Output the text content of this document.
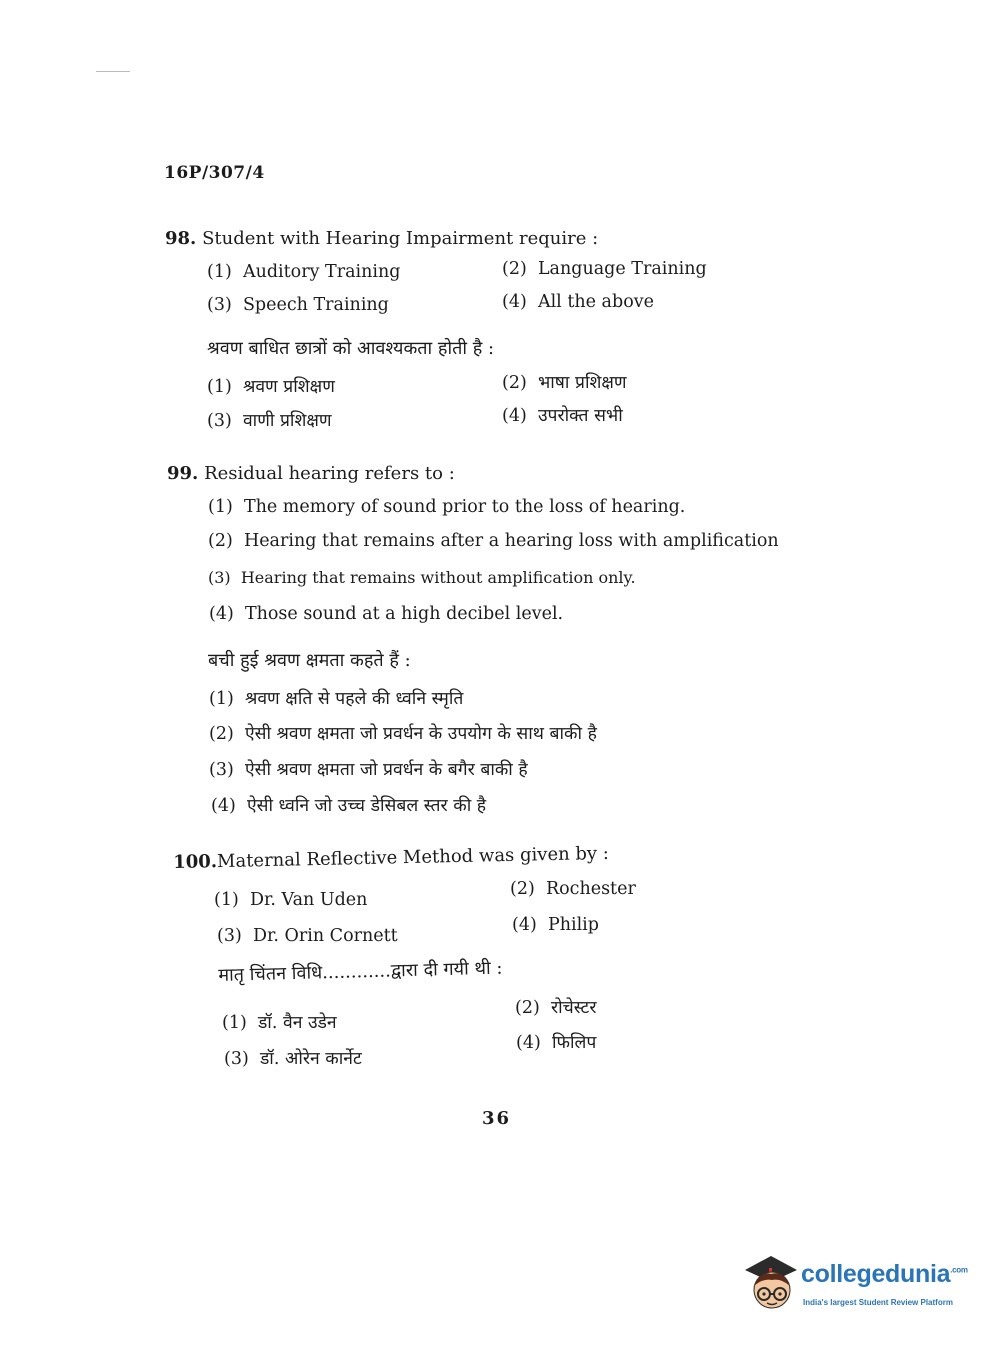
16P/307/4
98. Student with Hearing Impairment require :
(1) Auditory Training	(2) Language Training
(3) Speech Training	(4) All the above
श्रवण बाधित छात्रों को आवश्यकता होती है :
(1) श्रवण प्रशिक्षण	(2) भाषा प्रशिक्षण
(3) वाणी प्रशिक्षण	(4) उपरोक्त सभी
99. Residual hearing refers to :
(1) The memory of sound prior to the loss of hearing.
(2) Hearing that remains after a hearing loss with amplification
(3) Hearing that remains without amplification only.
(4) Those sound at a high decibel level.
बची हुई श्रवण क्षमता कहते हैं :
(1) श्रवण क्षति से पहले की ध्वनि स्मृति
(2) ऐसी श्रवण क्षमता जो प्रवर्धन के उपयोग के साथ बाकी है
(3) ऐसी श्रवण क्षमता जो प्रवर्धन के बगैर बाकी है
(4) ऐसी ध्वनि जो उच्च डेसिबल स्तर की है
100.Maternal Reflective Method was given by :
(1) Dr. Van Uden
(2) Rochester
(3) Dr. Orin Cornett
(4) Philip
मातृ चिंतन विधि............द्वारा दी गयी थी :
(1) डॉ. वैन उडेन
(2) रोचेस्टर
(3) डॉ. ओरेन कार्नेट
(4) फिलिप
36
collegedunia$^{.com}$
India's largest Student Review Platform
